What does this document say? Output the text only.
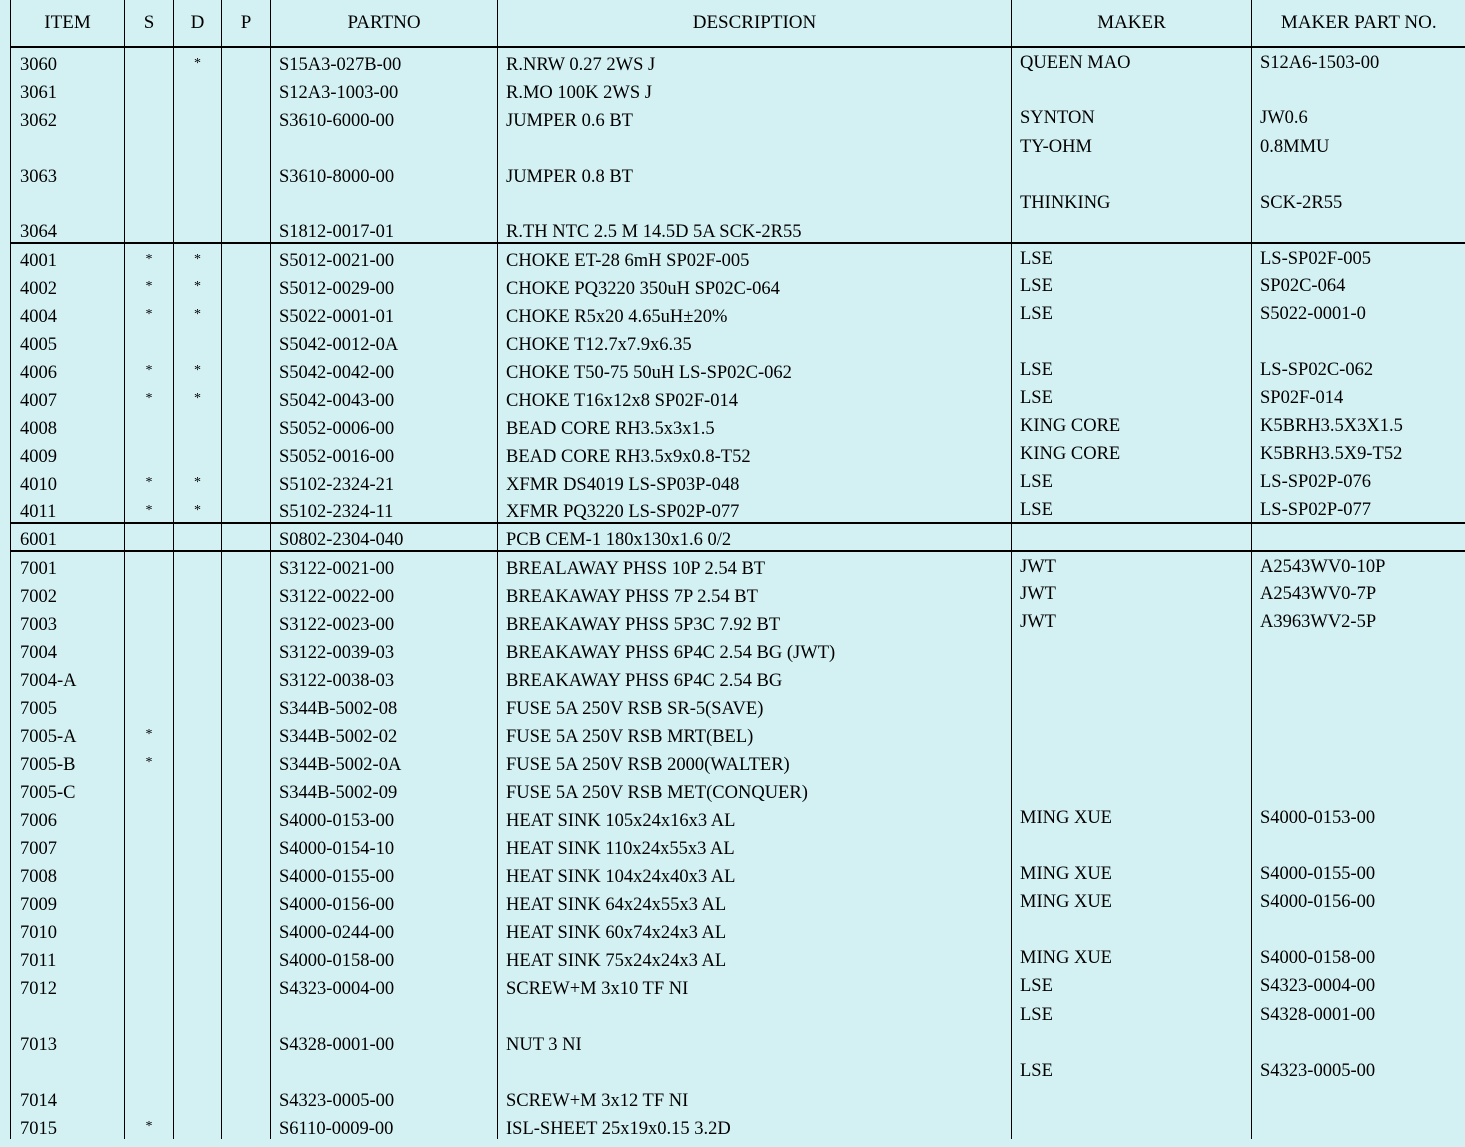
ITEM	S	D	P	PARTNO	DESCRIPTION	MAKER	MAKER PART NO.
3060		*		S15A3-027B-00	R.NRW 0.27 2WS J	QUEEN MAO	S12A6-1503-00
3061				S12A3-1003-00	R.MO 100K 2WS J		
3062				S3610-6000-00	JUMPER 0.6 BT	SYNTON	JW0.6
3063				S3610-8000-00	JUMPER 0.8 BT	TY-OHM	0.8MMU
3064				S1812-0017-01	R.TH NTC 2.5 M 14.5D 5A SCK-2R55	THINKING	SCK-2R55
4001	*	*		S5012-0021-00	CHOKE ET-28 6mH SP02F-005	LSE	LS-SP02F-005
4002	*	*		S5012-0029-00	CHOKE PQ3220 350uH SP02C-064	LSE	SP02C-064
4004	*	*		S5022-0001-01	CHOKE R5x20 4.65uH±20%	LSE	S5022-0001-0
4005				S5042-0012-0A	CHOKE T12.7x7.9x6.35		
4006	*	*		S5042-0042-00	CHOKE T50-75 50uH LS-SP02C-062	LSE	LS-SP02C-062
4007	*	*		S5042-0043-00	CHOKE T16x12x8 SP02F-014	LSE	SP02F-014
4008				S5052-0006-00	BEAD CORE RH3.5x3x1.5	KING CORE	K5BRH3.5X3X1.5
4009				S5052-0016-00	BEAD CORE RH3.5x9x0.8-T52	KING CORE	K5BRH3.5X9-T52
4010	*	*		S5102-2324-21	XFMR DS4019 LS-SP03P-048	LSE	LS-SP02P-076
4011	*	*		S5102-2324-11	XFMR PQ3220 LS-SP02P-077	LSE	LS-SP02P-077
6001				S0802-2304-040	PCB CEM-1 180x130x1.6 0/2		
7001				S3122-0021-00	BREALAWAY PHSS 10P 2.54 BT	JWT	A2543WV0-10P
7002				S3122-0022-00	BREAKAWAY PHSS 7P 2.54 BT	JWT	A2543WV0-7P
7003				S3122-0023-00	BREAKAWAY PHSS 5P3C 7.92 BT	JWT	A3963WV2-5P
7004				S3122-0039-03	BREAKAWAY PHSS 6P4C 2.54 BG (JWT)		
7004-A				S3122-0038-03	BREAKAWAY PHSS 6P4C 2.54 BG		
7005				S344B-5002-08	FUSE 5A 250V RSB SR-5(SAVE)		
7005-A	*			S344B-5002-02	FUSE 5A 250V RSB MRT(BEL)		
7005-B	*			S344B-5002-0A	FUSE 5A 250V RSB 2000(WALTER)		
7005-C				S344B-5002-09	FUSE 5A 250V RSB MET(CONQUER)		
7006				S4000-0153-00	HEAT SINK 105x24x16x3 AL	MING XUE	S4000-0153-00
7007				S4000-0154-10	HEAT SINK 110x24x55x3 AL		
7008				S4000-0155-00	HEAT SINK 104x24x40x3 AL	MING XUE	S4000-0155-00
7009				S4000-0156-00	HEAT SINK 64x24x55x3 AL	MING XUE	S4000-0156-00
7010				S4000-0244-00	HEAT SINK 60x74x24x3 AL		
7011				S4000-0158-00	HEAT SINK 75x24x24x3 AL	MING XUE	S4000-0158-00
7012				S4323-0004-00	SCREW+M 3x10 TF NI	LSE	S4323-0004-00
7013				S4328-0001-00	NUT 3 NI	LSE	S4328-0001-00
7014				S4323-0005-00	SCREW+M 3x12 TF NI	LSE	S4323-0005-00
7015	*			S6110-0009-00	ISL-SHEET 25x19x0.15 3.2D		
